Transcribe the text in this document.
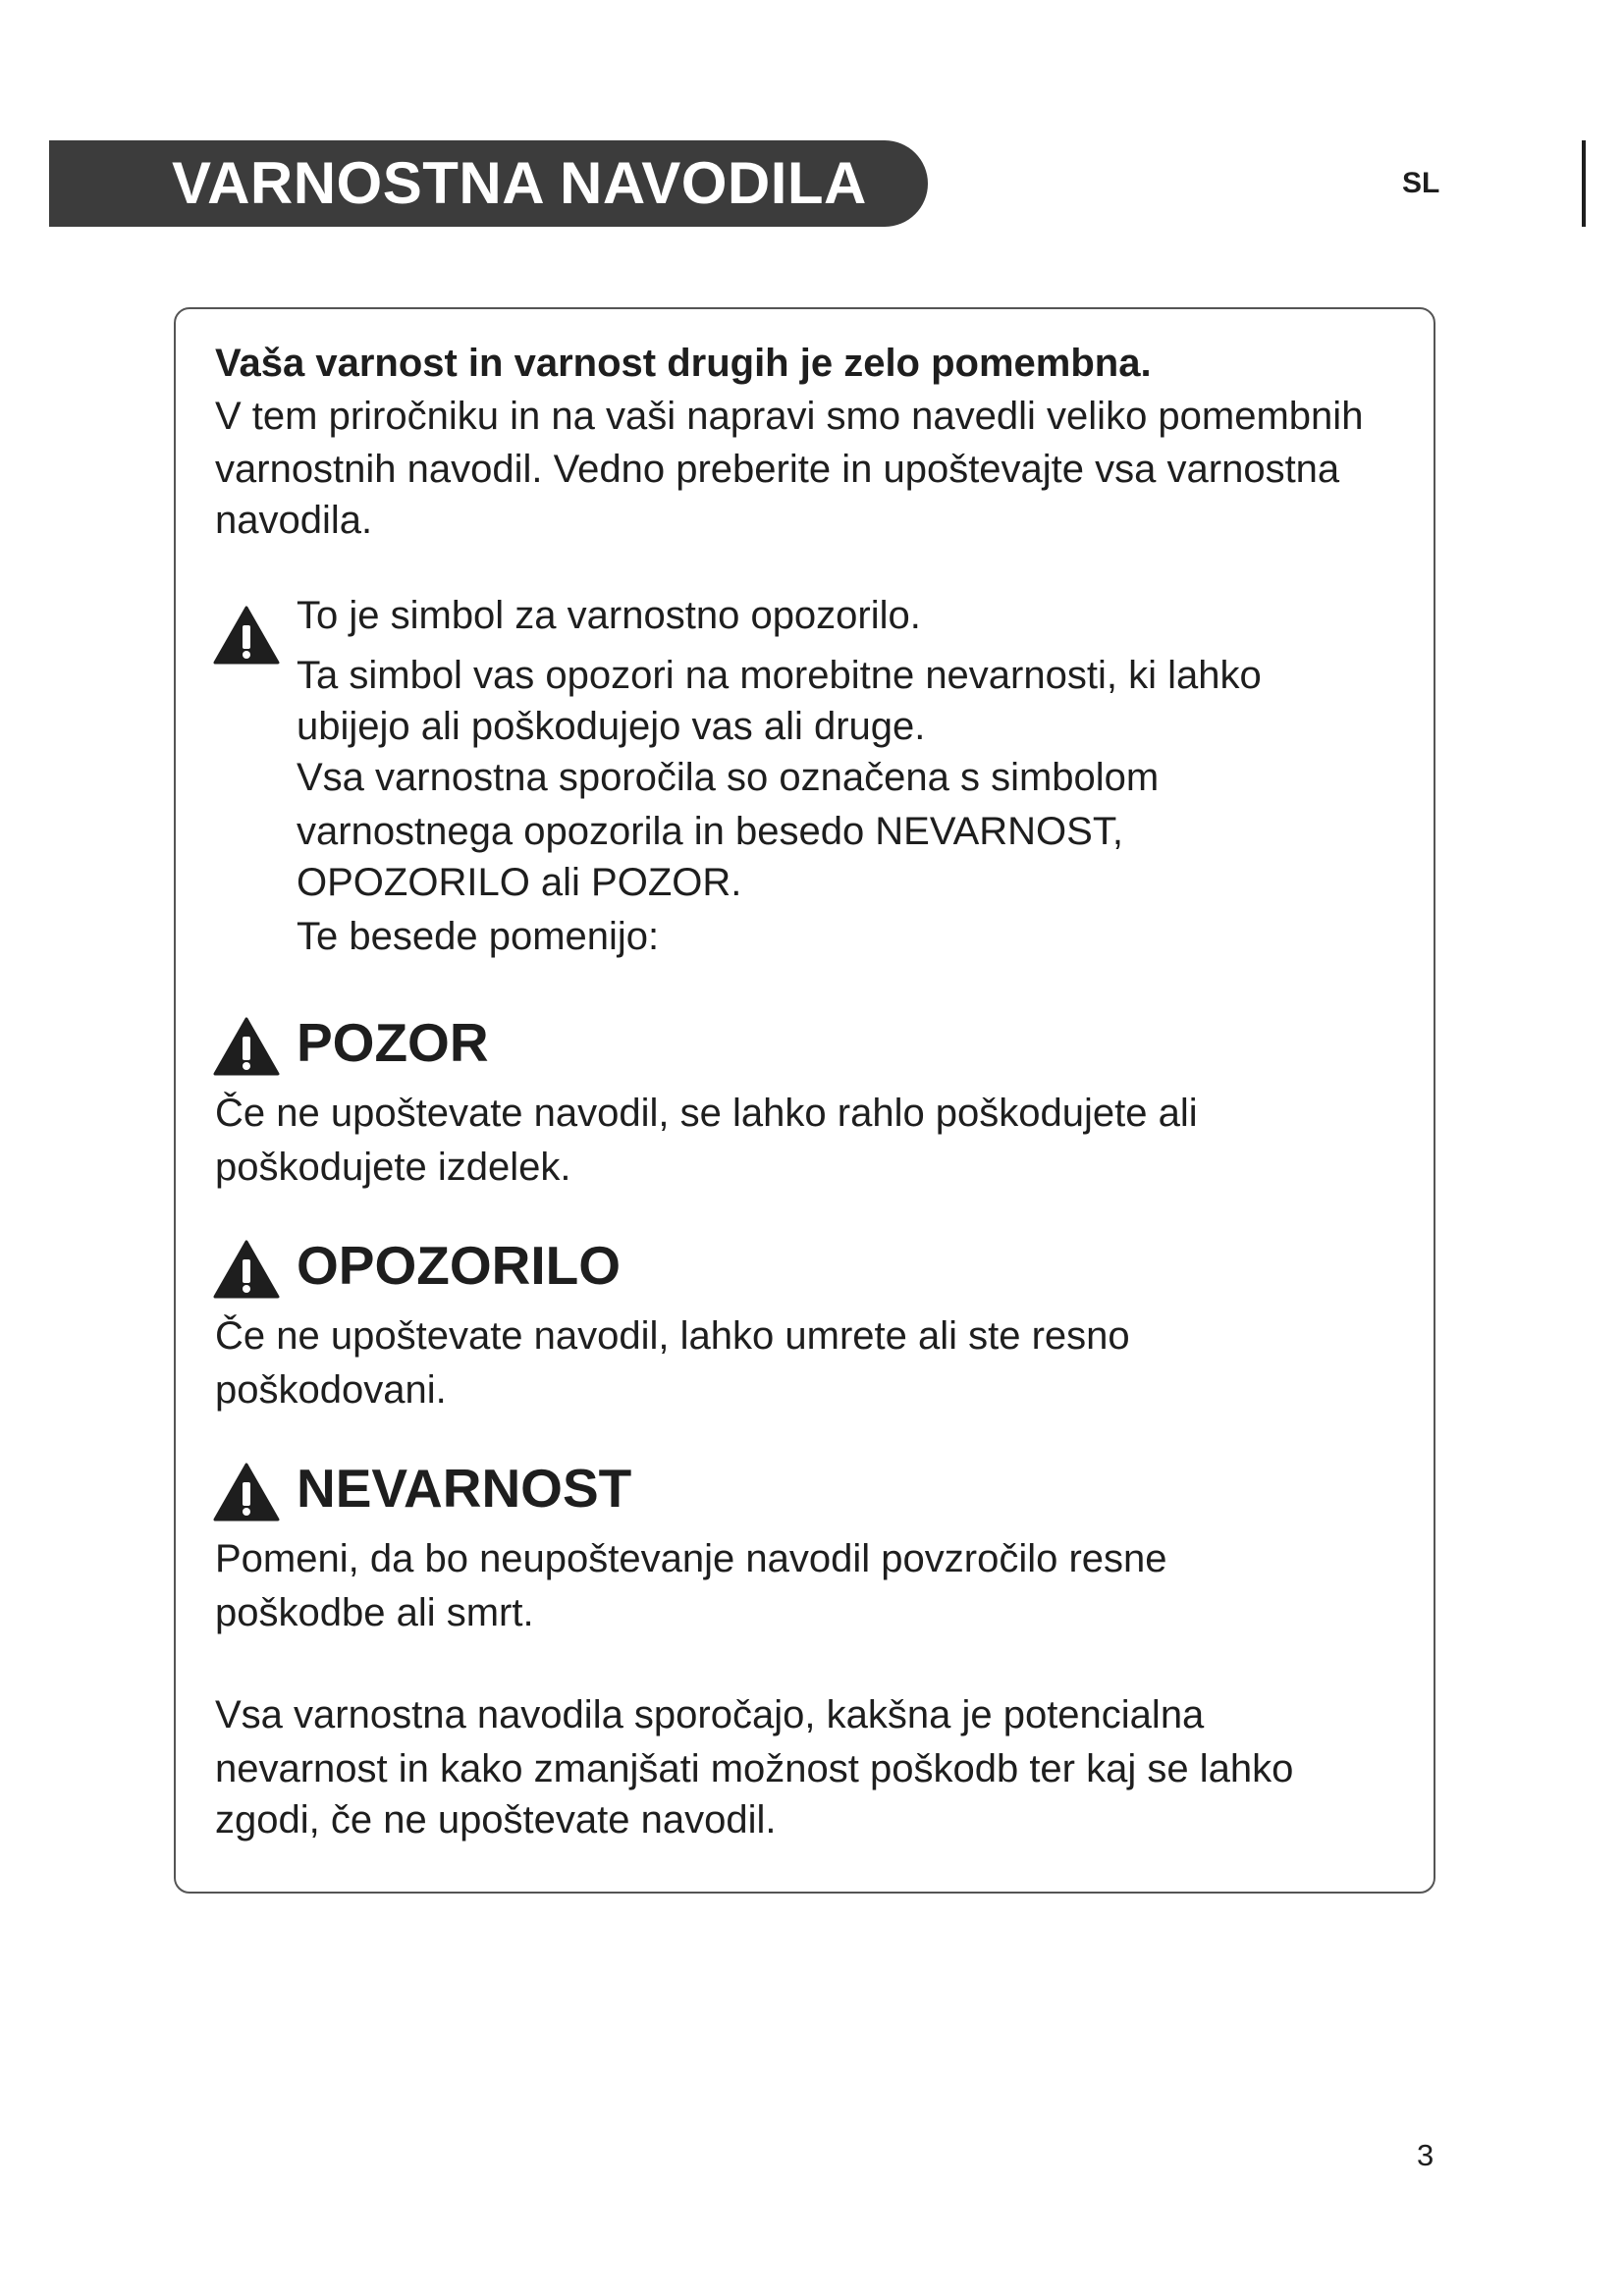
VARNOSTNA NAVODILA	SL
Vaša varnost in varnost drugih je zelo pomembna.
V tem priročniku in na vaši napravi smo navedli veliko pomembnih
varnostnih navodil. Vedno preberite in upoštevajte vsa varnostna
navodila.
To je simbol za varnostno opozorilo.
Ta simbol vas opozori na morebitne nevarnosti, ki lahko
ubijejo ali poškodujejo vas ali druge.
Vsa varnostna sporočila so označena s simbolom
varnostnega opozorila in besedo NEVARNOST,
OPOZORILO ali POZOR.
Te besede pomenijo:
POZOR
Če ne upoštevate navodil, se lahko rahlo poškodujete ali
poškodujete izdelek.
OPOZORILO
Če ne upoštevate navodil, lahko umrete ali ste resno
poškodovani.
NEVARNOST
Pomeni, da bo neupoštevanje navodil povzročilo resne
poškodbe ali smrt.
Vsa varnostna navodila sporočajo, kakšna je potencialna
nevarnost in kako zmanjšati možnost poškodb ter kaj se lahko
zgodi, če ne upoštevate navodil.
3
